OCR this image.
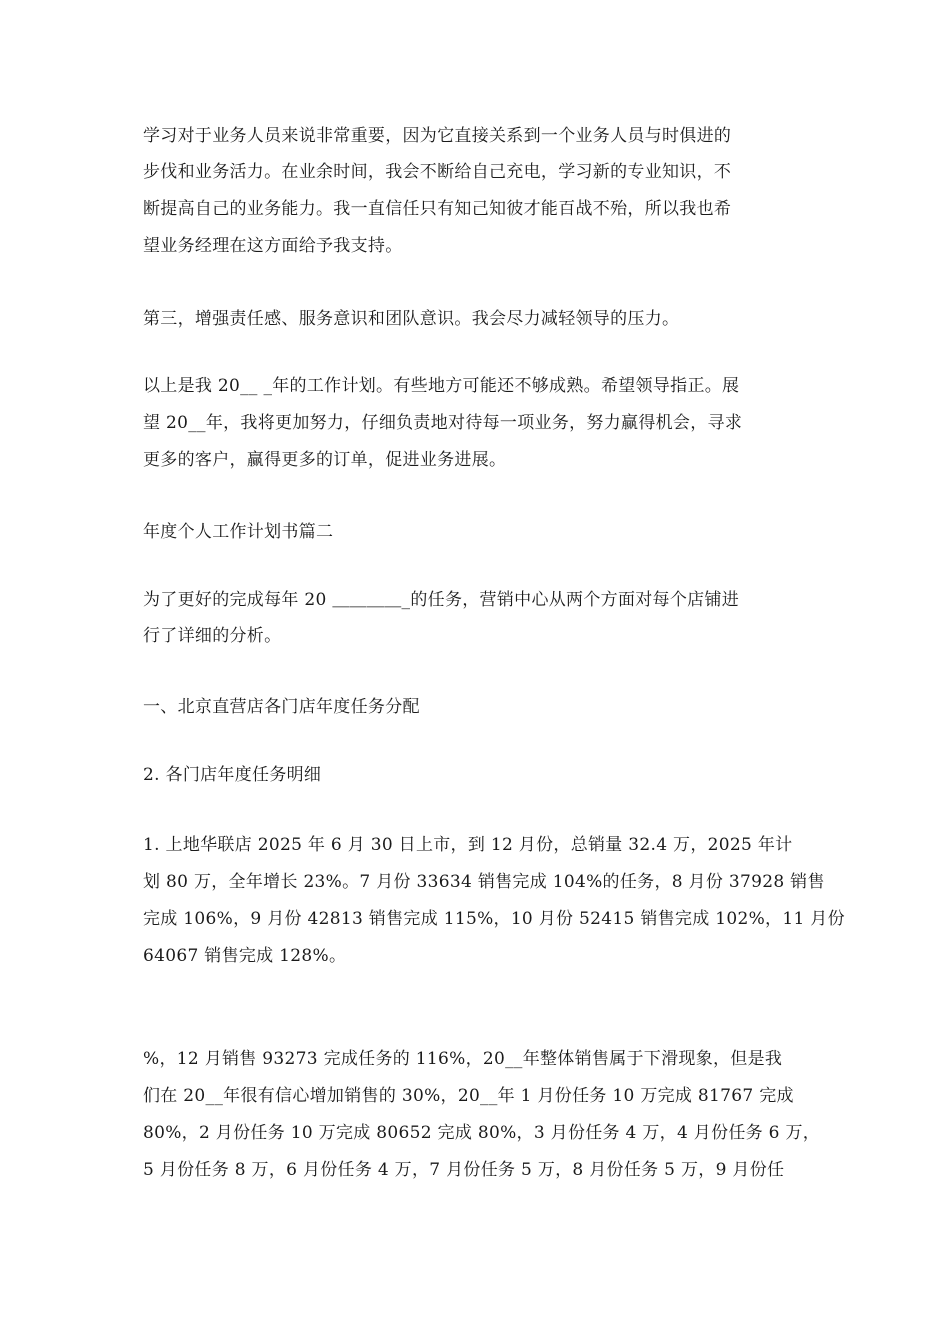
学习对于业务人员来说非常重要，因为它直接关系到一个业务人员与时俱进的
步伐和业务活力。在业余时间，我会不断给自己充电，学习新的专业知识，不
断提高自己的业务能力。我一直信任只有知己知彼才能百战不殆，所以我也希
望业务经理在这方面给予我支持。
第三，增强责任感、服务意识和团队意识。我会尽力减轻领导的压力。
以上是我 20__ _年的工作计划。有些地方可能还不够成熟。希望领导指正。展
望 20__年，我将更加努力，仔细负责地对待每一项业务，努力赢得机会，寻求
更多的客户，赢得更多的订单，促进业务进展。
年度个人工作计划书篇二
为了更好的完成每年 20 ＿＿＿＿_的任务，营销中心从两个方面对每个店铺进
行了详细的分析。
一、北京直营店各门店年度任务分配
2. 各门店年度任务明细
1. 上地华联店 2025 年 6 月 30 日上市，到 12 月份，总销量 32.4 万，2025 年计
划 80 万，全年增长 23%。7 月份 33634 销售完成 104%的任务，8 月份 37928 销售
完成 106%，9 月份 42813 销售完成 115%，10 月份 52415 销售完成 102%，11 月份
64067 销售完成 128%。
%，12 月销售 93273 完成任务的 116%，20__年整体销售属于下滑现象，但是我
们在 20__年很有信心增加销售的 30%，20__年 1 月份任务 10 万完成 81767 完成
80%，2 月份任务 10 万完成 80652 完成 80%，3 月份任务 4 万，4 月份任务 6 万，
5 月份任务 8 万，6 月份任务 4 万，7 月份任务 5 万，8 月份任务 5 万，9 月份任
